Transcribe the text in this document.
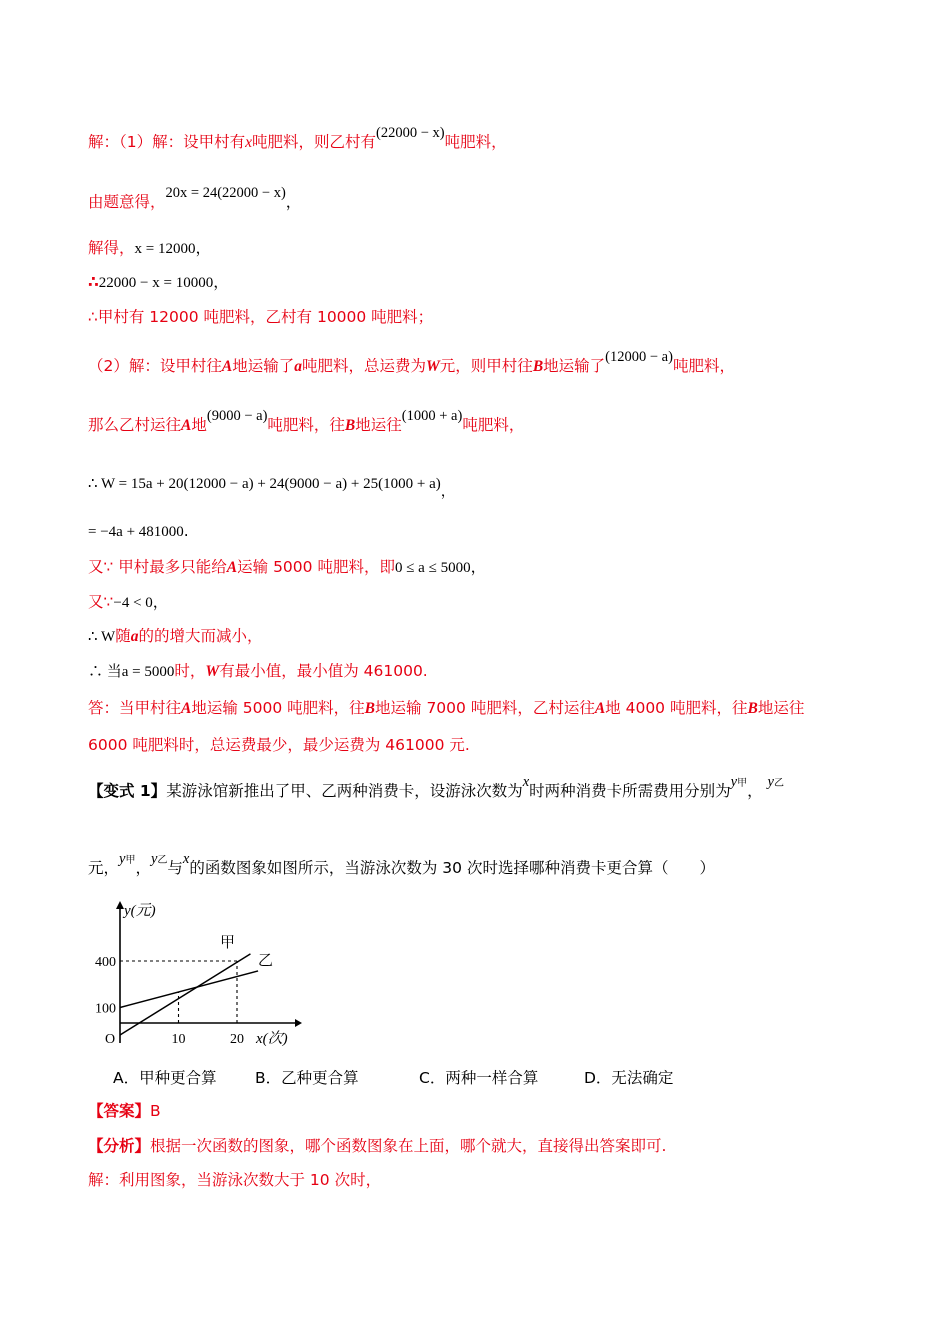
解：（1）解：设甲村有x吨肥料，则乙村有(22000 − x)吨肥料，
由题意得，20x = 24(22000 − x)，
解得，x = 12000，
∴22000 − x = 10000，
∴甲村有 12000 吨肥料，乙村有 10000 吨肥料；
（2）解：设甲村往A地运输了a吨肥料，总运费为W元，则甲村往B地运输了(12000 − a)吨肥料，
那么乙村运往A地(9000 − a)吨肥料，往B地运往(1000 + a)吨肥料，
∴ W = 15a + 20(12000 − a) + 24(9000 − a) + 25(1000 + a)，
= −4a + 481000.
又∵ 甲村最多只能给A运输 5000 吨肥料，即0 ≤ a ≤ 5000，
又∵−4 < 0，
∴ W随a的的增大而减小，
∴ 当a = 5000时，W有最小值，最小值为 461000.
答：当甲村往A地运输 5000 吨肥料，往B地运输 7000 吨肥料，乙村运往A地 4000 吨肥料，往B地运往
6000 吨肥料时，总运费最少，最少运费为 461000 元.
【变式 1】某游泳馆新推出了甲、乙两种消费卡，设游泳次数为x时两种消费卡所需费用分别为y甲， y乙
元，y甲，y乙与x的函数图象如图所示，当游泳次数为 30 次时选择哪种消费卡更合算（　　）
甲
乙
400
100
10	20
O
y(元)
x(次)
A．甲种更合算 B．乙种更合算	C．两种一样合算	D．无法确定
【答案】B
【分析】根据一次函数的图象，哪个函数图象在上面，哪个就大，直接得出答案即可.
解：利用图象，当游泳次数大于 10 次时，
